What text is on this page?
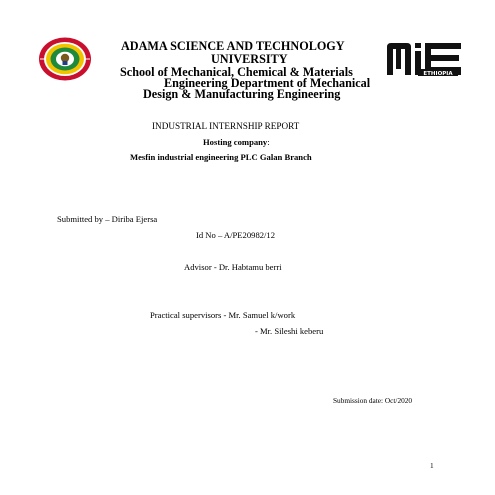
ETHIOPIA
ADAMA SCIENCE AND TECHNOLOGY
UNIVERSITY
School of Mechanical, Chemical & Materials
Engineering Department of Mechanical
Design & Manufacturing Engineering
INDUSTRIAL INTERNSHIP REPORT
Hosting company:
Mesfin industrial engineering PLC Galan Branch
Submitted by – Diriba Ejersa
Id No – A/PE20982/12
Advisor - Dr. Habtamu berri
Practical supervisors - Mr. Samuel k/work
- Mr. Sileshi keberu
Submission date: Oct/2020
1
